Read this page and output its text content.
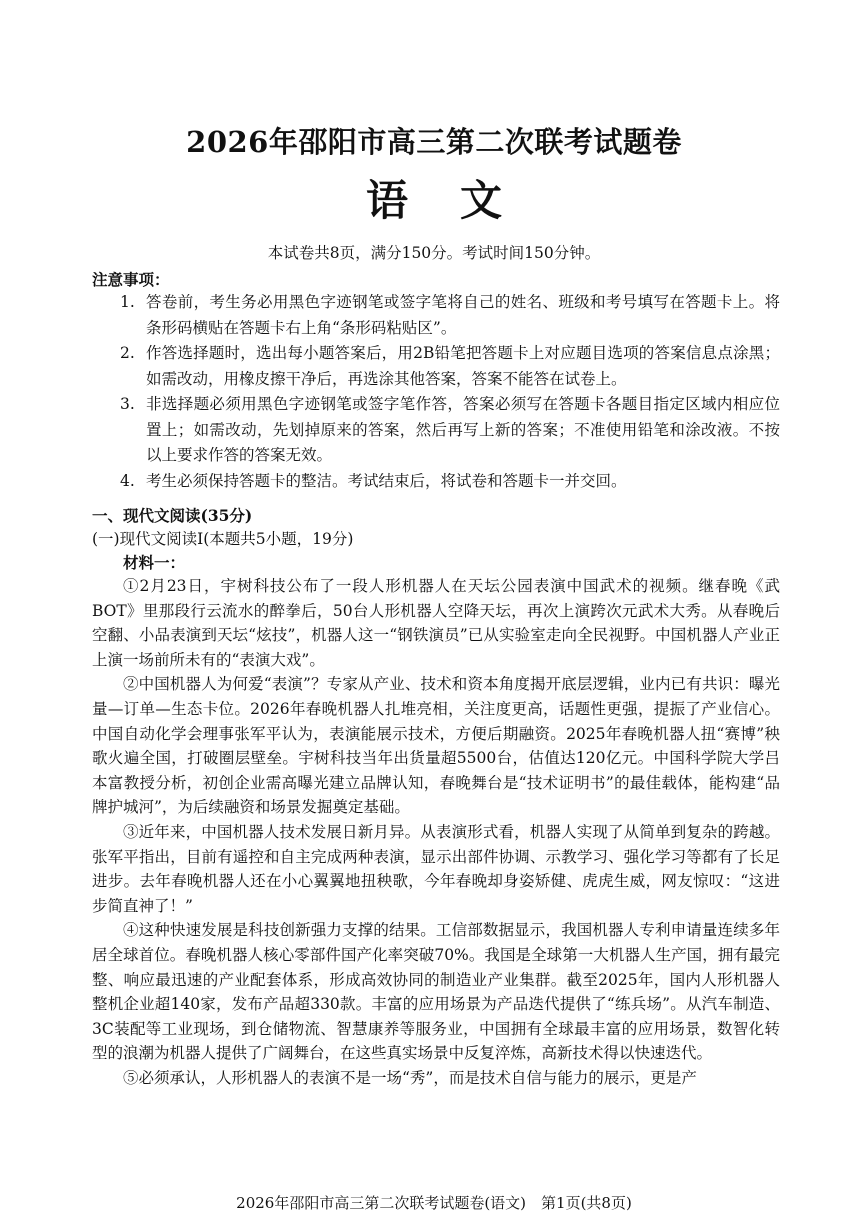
2026年邵阳市高三第二次联考试题卷
语 文
本试卷共8页，满分150分。考试时间150分钟。
注意事项：
1. 答卷前，考生务必用黑色字迹钢笔或签字笔将自己的姓名、班级和考号填写在答题卡上。将条形码横贴在答题卡右上角“条形码粘贴区”。
2. 作答选择题时，选出每小题答案后，用2B铅笔把答题卡上对应题目选项的答案信息点涂黑；如需改动，用橡皮擦干净后，再选涂其他答案，答案不能答在试卷上。
3. 非选择题必须用黑色字迹钢笔或签字笔作答，答案必须写在答题卡各题目指定区域内相应位置上；如需改动，先划掉原来的答案，然后再写上新的答案；不准使用铅笔和涂改液。不按以上要求作答的答案无效。
4. 考生必须保持答题卡的整洁。考试结束后，将试卷和答题卡一并交回。
一、现代文阅读(35分)
(一)现代文阅读Ⅰ(本题共5小题，19分)
材料一：

①2月23日，宇树科技公布了一段人形机器人在天坛公园表演中国武术的视频。继春晚《武BOT》里那段行云流水的醉拳后，50台人形机器人空降天坛，再次上演跨次元武术大秀。从春晚后空翻、小品表演到天坛“炫技”，机器人这一“钢铁演员”已从实验室走向全民视野。中国机器人产业正上演一场前所未有的“表演大戏”。

②中国机器人为何爱“表演”？专家从产业、技术和资本角度揭开底层逻辑，业内已有共识：曝光量—订单—生态卡位。2026年春晚机器人扎堆亮相，关注度更高，话题性更强，提振了产业信心。中国自动化学会理事张军平认为，表演能展示技术，方便后期融资。2025年春晚机器人扭“赛博”秧歌火遍全国，打破圈层壁垒。宇树科技当年出货量超5500台，估值达120亿元。中国科学院大学吕本富教授分析，初创企业需高曝光建立品牌认知，春晚舞台是“技术证明书”的最佳载体，能构建“品牌护城河”，为后续融资和场景发掘奠定基础。

③近年来，中国机器人技术发展日新月异。从表演形式看，机器人实现了从简单到复杂的跨越。张军平指出，目前有遥控和自主完成两种表演，显示出部件协调、示教学习、强化学习等都有了长足进步。去年春晚机器人还在小心翼翼地扭秧歌，今年春晚却身姿矫健、虎虎生威，网友惊叹：“这进步简直神了！”

④这种快速发展是科技创新强力支撑的结果。工信部数据显示，我国机器人专利申请量连续多年居全球首位。春晚机器人核心零部件国产化率突破70%。我国是全球第一大机器人生产国，拥有最完整、响应最迅速的产业配套体系，形成高效协同的制造业产业集群。截至2025年，国内人形机器人整机企业超140家，发布产品超330款。丰富的应用场景为产品迭代提供了“练兵场”。从汽车制造、3C装配等工业现场，到仓储物流、智慧康养等服务业，中国拥有全球最丰富的应用场景，数智化转型的浪潮为机器人提供了广阔舞台，在这些真实场景中反复淬炼，高新技术得以快速迭代。

⑤必须承认，人形机器人的表演不是一场“秀”，而是技术自信与能力的展示，更是产

2026年邵阳市高三第二次联考试题卷(语文)　第1页(共8页)
